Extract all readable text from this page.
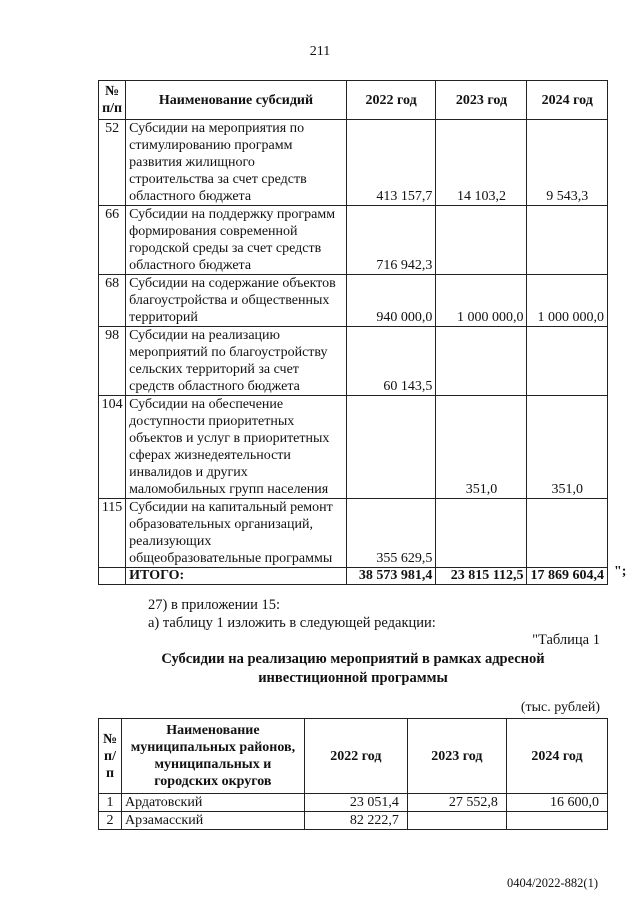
211
№ п/п	Наименование субсидий	2022 год	2023 год	2024 год
52	Субсидии на мероприятия по стимулированию программ развития жилищного строительства за счет средств областного бюджета	413 157,7	14 103,2	9 543,3
66	Субсидии на поддержку программ формирования современной городской среды за счет средств областного бюджета	716 942,3		
68	Субсидии на содержание объектов благоустройства и общественных территорий	940 000,0	1 000 000,0	1 000 000,0
98	Субсидии на реализацию мероприятий по благоустройству сельских территорий за счет средств областного бюджета	60 143,5		
104	Субсидии на обеспечение доступности приоритетных объектов и услуг в приоритетных сферах жизнедеятельности инвалидов и других маломобильных групп населения		351,0	351,0
115	Субсидии на капитальный ремонт образовательных организаций, реализующих общеобразовательные программы	355 629,5		
	ИТОГО:	38 573 981,4	23 815 112,5	17 869 604,4 ";
27) в приложении 15:
а) таблицу 1 изложить в следующей редакции:
"Таблица 1
Субсидии на реализацию мероприятий в рамках адресной
инвестиционной программы
(тыс. рублей)
№ п/п	Наименование муниципальных районов, муниципальных и городских округов	2022 год	2023 год	2024 год
1	Ардатовский	23 051,4	27 552,8	16 600,0
2	Арзамасский	82 222,7		
0404/2022-882(1)
